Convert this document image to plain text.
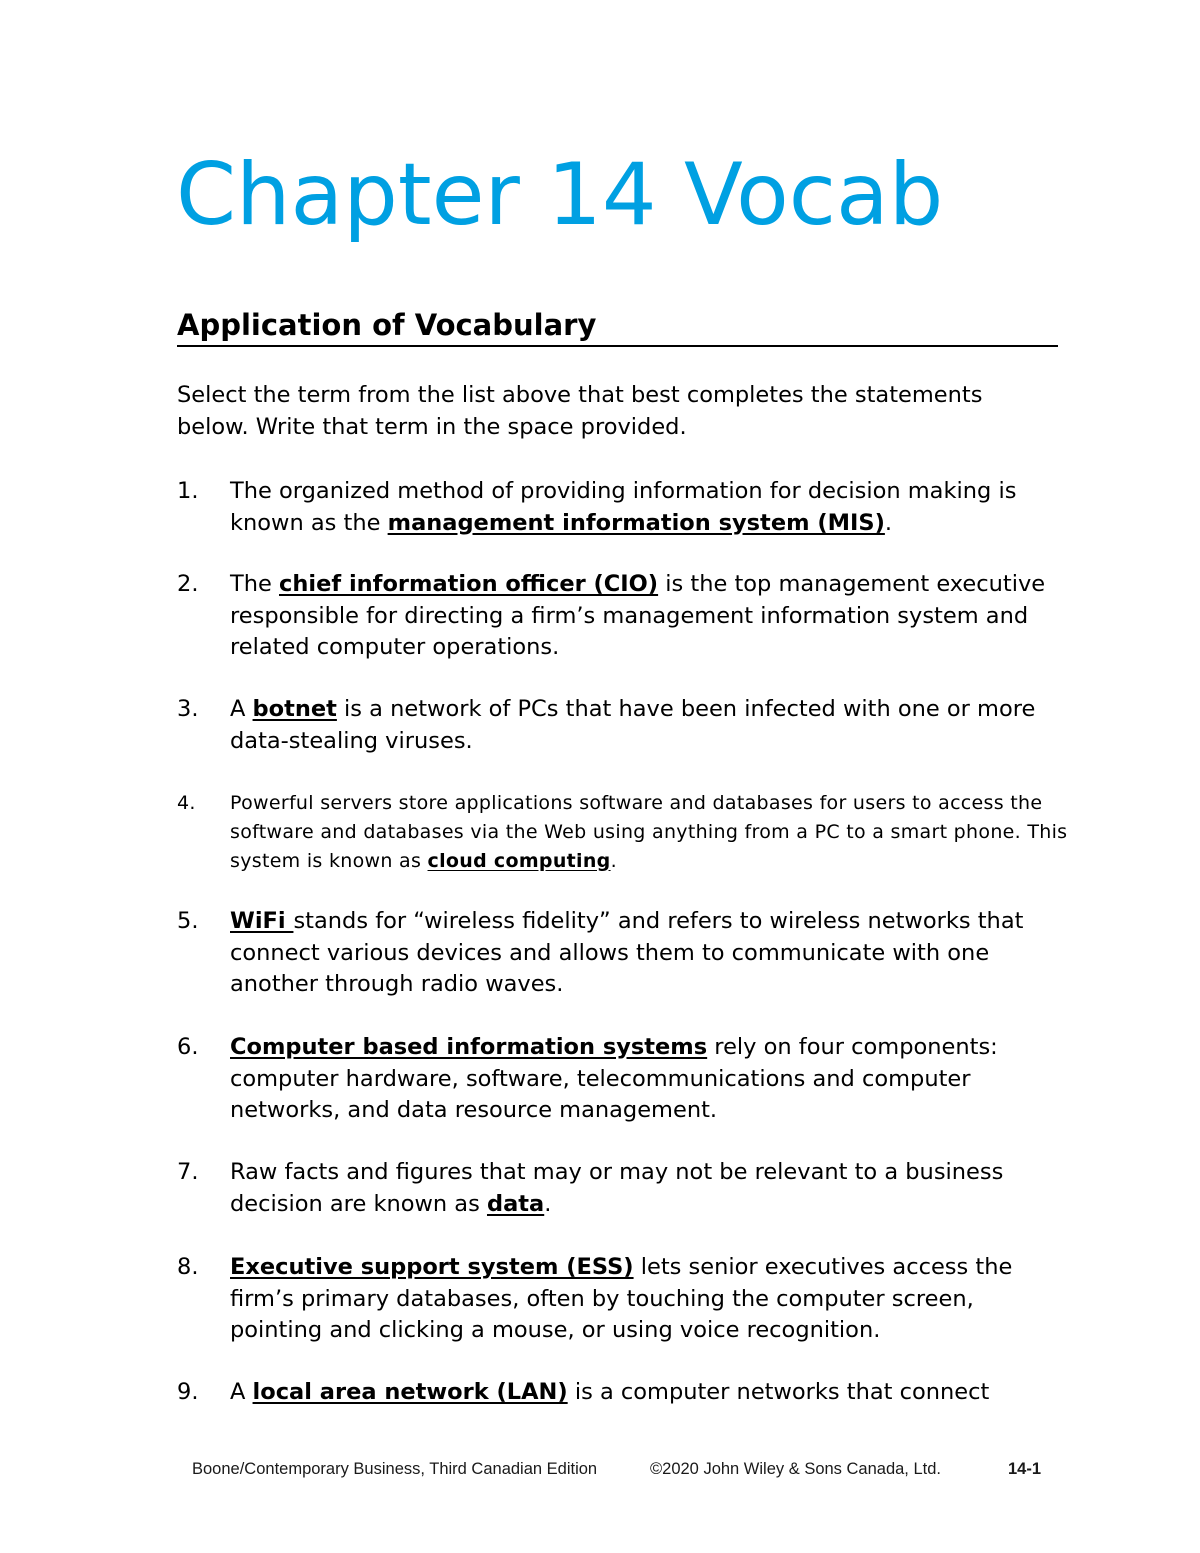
Chapter 14 Vocab
Application of Vocabulary
Select the term from the list above that best completes the statements below. Write that term in the space provided.
1.	The organized method of providing information for decision making is known as the management information system (MIS).
2.	The chief information officer (CIO) is the top management executive responsible for directing a firm’s management information system and related computer operations.
3.	A botnet is a network of PCs that have been infected with one or more data-stealing viruses.
4.	Powerful servers store applications software and databases for users to access the software and databases via the Web using anything from a PC to a smart phone. This system is known as cloud computing.
5.	WiFi stands for “wireless fidelity” and refers to wireless networks that connect various devices and allows them to communicate with one another through radio waves.
6.	Computer based information systems rely on four components: computer hardware, software, telecommunications and computer networks, and data resource management.
7.	Raw facts and figures that may or may not be relevant to a business decision are known as data.
8.	Executive support system (ESS) lets senior executives access the firm’s primary databases, often by touching the computer screen, pointing and clicking a mouse, or using voice recognition.
9.	A local area network (LAN) is a computer networks that connect
Boone/Contemporary Business, Third Canadian Edition	©2020 John Wiley & Sons Canada, Ltd.	14-1
